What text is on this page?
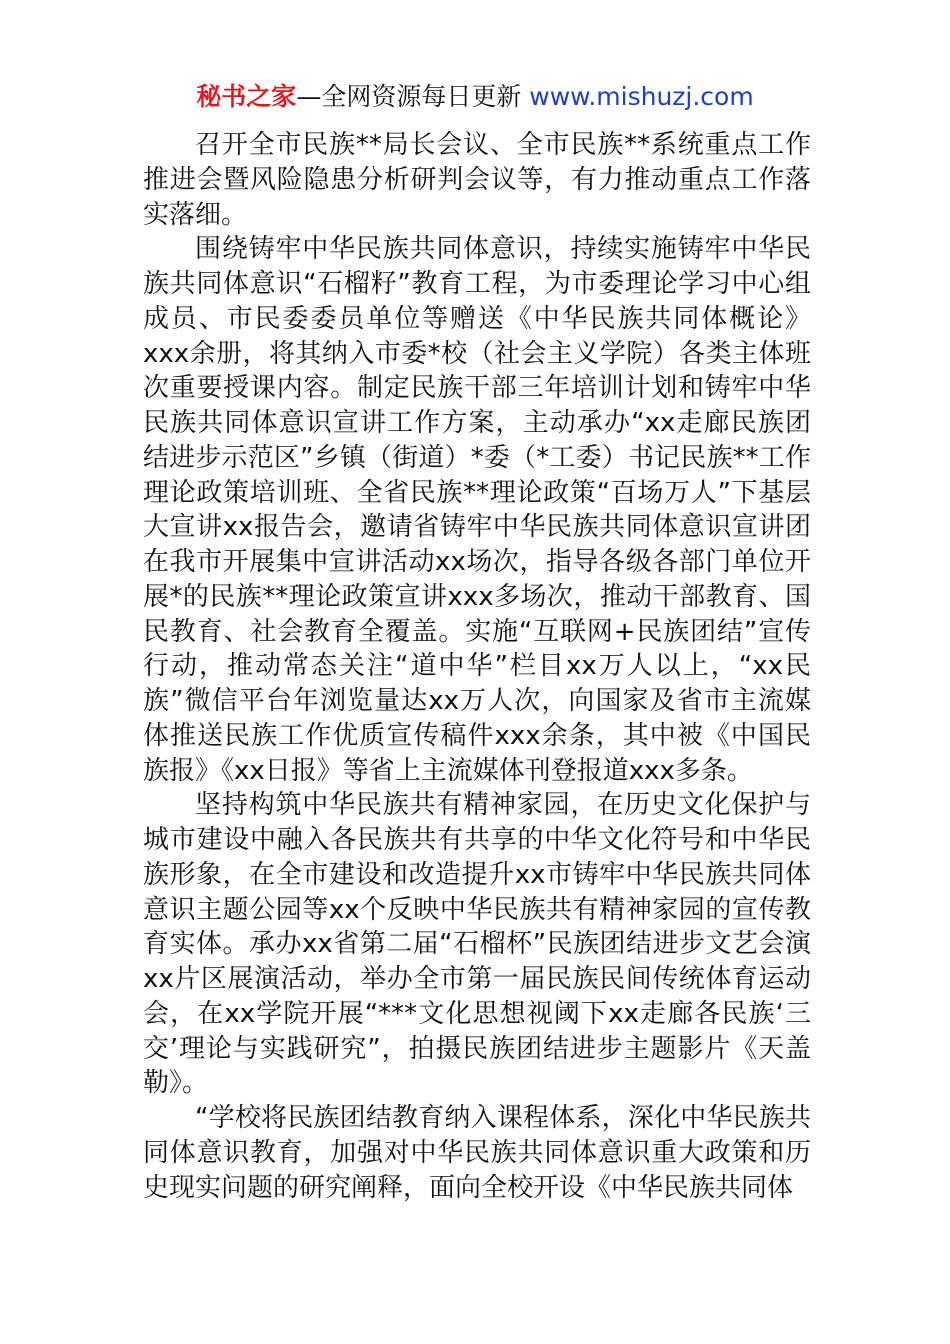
秘书之家—全网资源每日更新 www.mishuzj.com

召开全市民族**局长会议、全市民族**系统重点工作推进会暨风险隐患分析研判会议等，有力推动重点工作落实落细。

围绕铸牢中华民族共同体意识，持续实施铸牢中华民族共同体意识“石榴籽”教育工程，为市委理论学习中心组成员、市民委委员单位等赠送《中华民族共同体概论》xxx余册，将其纳入市委*校（社会主义学院）各类主体班次重要授课内容。制定民族干部三年培训计划和铸牢中华民族共同体意识宣讲工作方案，主动承办“xx走廊民族团结进步示范区”乡镇（街道）*委（*工委）书记民族**工作理论政策培训班、全省民族**理论政策“百场万人”下基层大宣讲xx报告会，邀请省铸牢中华民族共同体意识宣讲团在我市开展集中宣讲活动xx场次，指导各级各部门单位开展*的民族**理论政策宣讲xxx多场次，推动干部教育、国民教育、社会教育全覆盖。实施“互联网+民族团结”宣传行动，推动常态关注“道中华”栏目xx万人以上，“xx民族”微信平台年浏览量达xx万人次，向国家及省市主流媒体推送民族工作优质宣传稿件xxx余条，其中被《中国民族报》《xx日报》等省上主流媒体刊登报道xxx多条。

坚持构筑中华民族共有精神家园，在历史文化保护与城市建设中融入各民族共有共享的中华文化符号和中华民族形象，在全市建设和改造提升xx市铸牢中华民族共同体意识主题公园等xx个反映中华民族共有精神家园的宣传教育实体。承办xx省第二届“石榴杯”民族团结进步文艺会演xx片区展演活动，举办全市第一届民族民间传统体育运动会，在xx学院开展“***文化思想视阈下xx走廊各民族‘三交’理论与实践研究”，拍摄民族团结进步主题影片《天盖勒》。

“学校将民族团结教育纳入课程体系，深化中华民族共同体意识教育，加强对中华民族共同体意识重大政策和历史现实问题的研究阐释，面向全校开设《中华民族共同体
